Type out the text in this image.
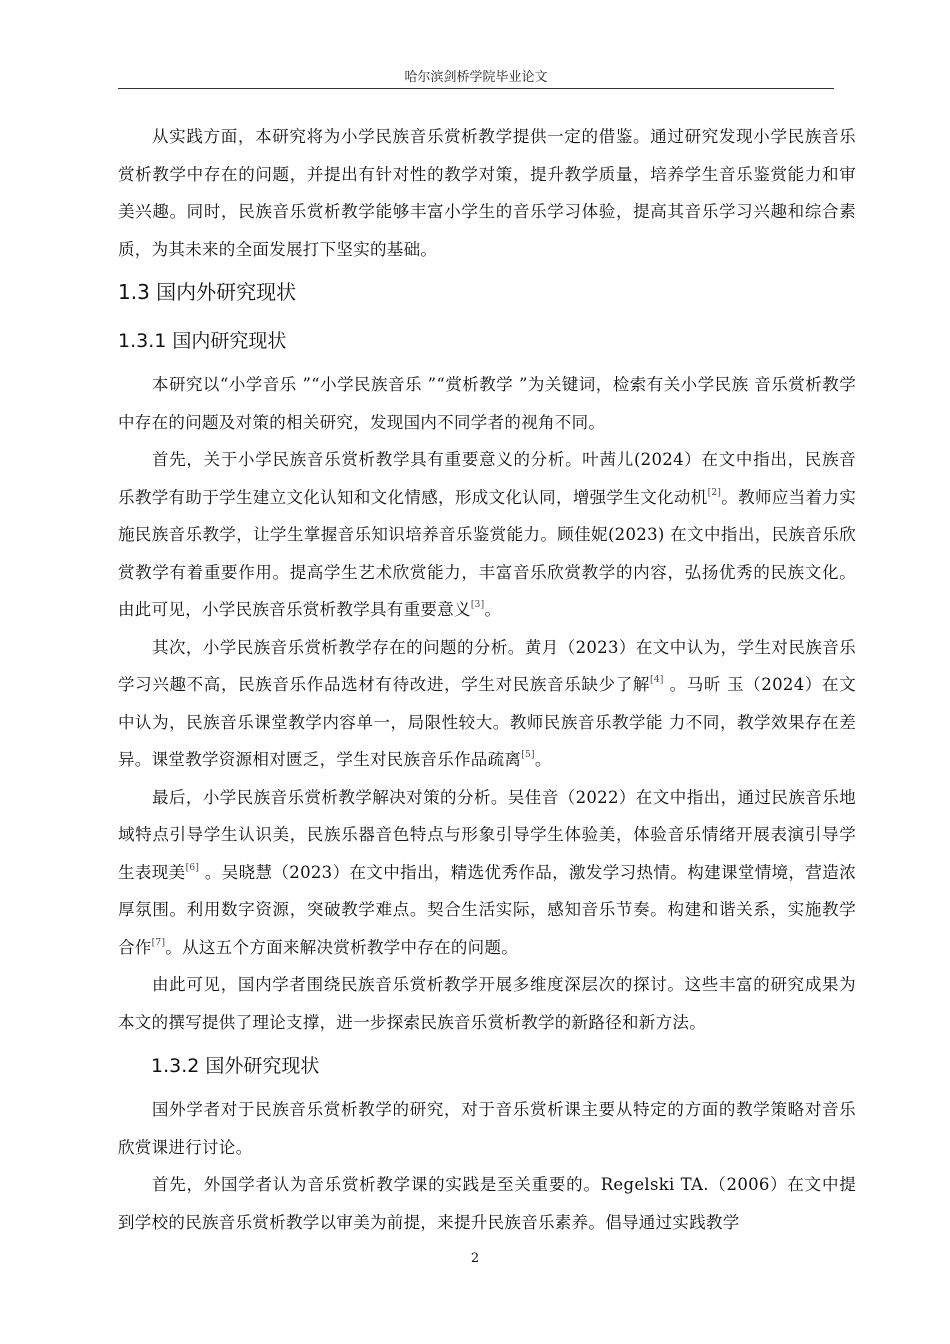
哈尔滨剑桥学院毕业论文

从实践方面，本研究将为小学民族音乐赏析教学提供一定的借鉴。通过研究发现小学民族音乐赏析教学中存在的问题，并提出有针对性的教学对策，提升教学质量，培养学生音乐鉴赏能力和审美兴趣。同时，民族音乐赏析教学能够丰富小学生的音乐学习体验，提高其音乐学习兴趣和综合素质，为其未来的全面发展打下坚实的基础。

1.3 国内外研究现状
1.3.1 国内研究现状

本研究以“小学音乐 ”“小学民族音乐 ”“赏析教学 ”为关键词，检索有关小学民族 音乐赏析教学中存在的问题及对策的相关研究，发现国内不同学者的视角不同。

首先，关于小学民族音乐赏析教学具有重要意义的分析。叶茜儿(2024）在文中指出，民族音乐教学有助于学生建立文化认知和文化情感，形成文化认同，增强学生文化动机[2]。教师应当着力实施民族音乐教学，让学生掌握音乐知识培养音乐鉴赏能力。顾佳妮(2023) 在文中指出，民族音乐欣赏教学有着重要作用。提高学生艺术欣赏能力，丰富音乐欣赏教学的内容，弘扬优秀的民族文化。由此可见，小学民族音乐赏析教学具有重要意义[3]。

其次，小学民族音乐赏析教学存在的问题的分析。黄月（2023）在文中认为，学生对民族音乐学习兴趣不高，民族音乐作品选材有待改进，学生对民族音乐缺少了解[4] 。马昕 玉（2024）在文中认为，民族音乐课堂教学内容单一，局限性较大。教师民族音乐教学能 力不同，教学效果存在差异。课堂教学资源相对匮乏，学生对民族音乐作品疏离[5]。

最后，小学民族音乐赏析教学解决对策的分析。吴佳音（2022）在文中指出，通过民族音乐地域特点引导学生认识美，民族乐器音色特点与形象引导学生体验美，体验音乐情绪开展表演引导学生表现美[6] 。吴晓慧（2023）在文中指出，精选优秀作品，激发学习热情。构建课堂情境，营造浓厚氛围。利用数字资源，突破教学难点。契合生活实际，感知音乐节奏。构建和谐关系，实施教学合作[7]。从这五个方面来解决赏析教学中存在的问题。

由此可见，国内学者围绕民族音乐赏析教学开展多维度深层次的探讨。这些丰富的研究成果为本文的撰写提供了理论支撑，进一步探索民族音乐赏析教学的新路径和新方法。

1.3.2 国外研究现状

国外学者对于民族音乐赏析教学的研究，对于音乐赏析课主要从特定的方面的教学策略对音乐欣赏课进行讨论。

首先，外国学者认为音乐赏析教学课的实践是至关重要的。Regelski TA.（2006）在文中提到学校的民族音乐赏析教学以审美为前提，来提升民族音乐素养。倡导通过实践教学

2
